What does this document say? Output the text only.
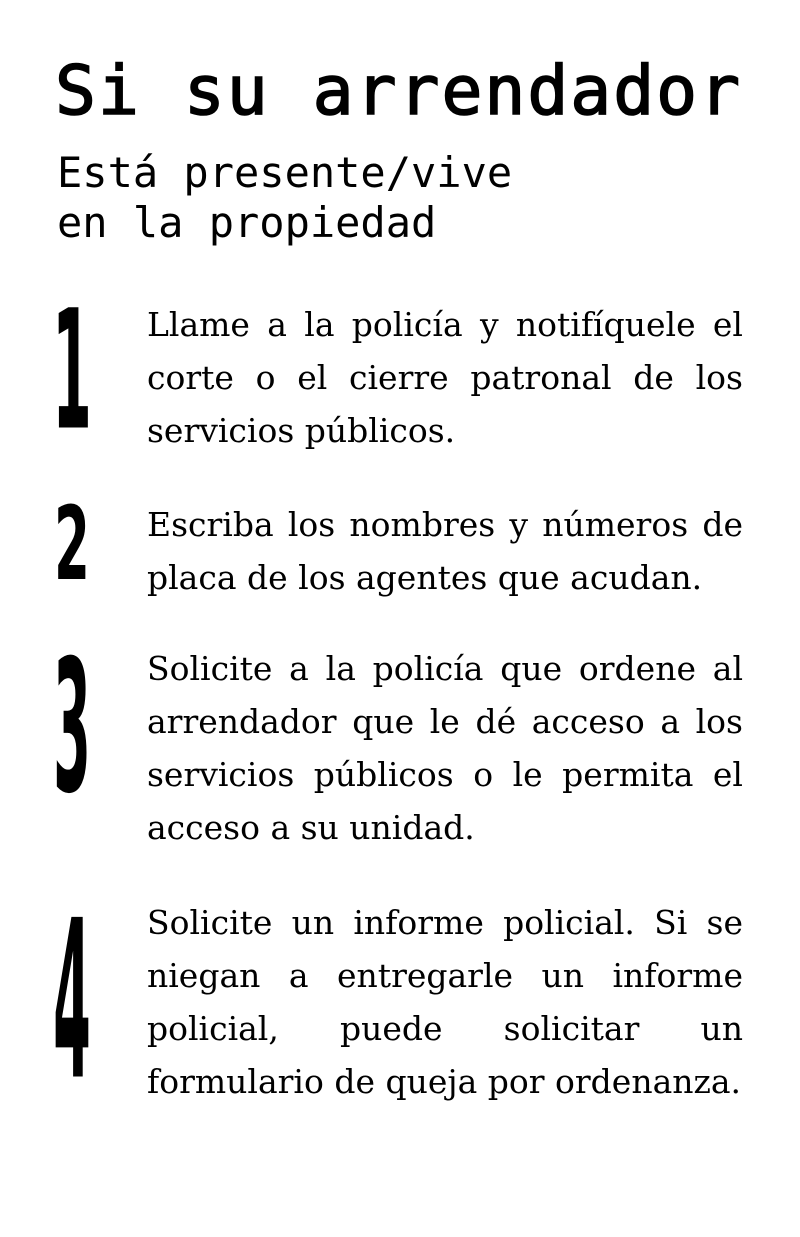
Si su arrendador
Está presente/vive
en la propiedad
1 Llame a la policía y notifíquele el corte o el cierre patronal de los servicios públicos.
2 Escriba los nombres y números de placa de los agentes que acudan.
3 Solicite a la policía que ordene al arrendador que le dé acceso a los servicios públicos o le permita el acceso a su unidad.
4 Solicite un informe policial. Si se niegan a entregarle un informe policial, puede solicitar un formulario de queja por ordenanza.
